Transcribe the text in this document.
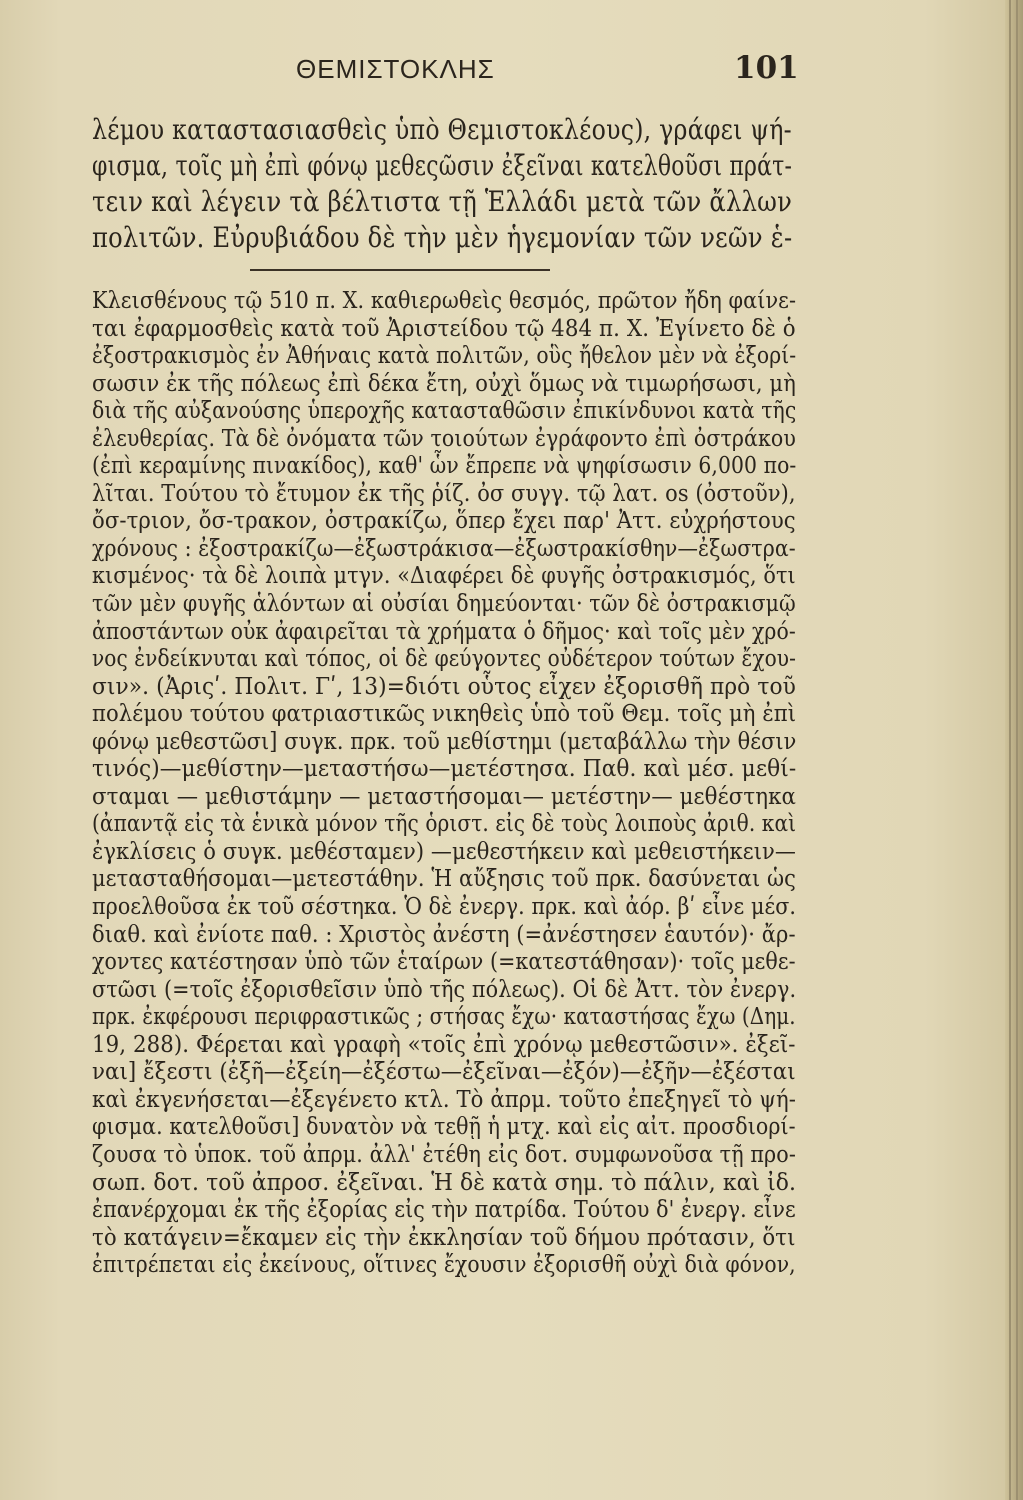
ΘΕΜΙΣΤΟΚΛΗΣ	101
λέμου καταστασιασθεὶς ὑπὸ Θεμιστοκλέους), γράφει ψή-
φισμα, τοῖς μὴ ἐπὶ φόνῳ μεθεςῶσιν ἐξεῖναι κατελθοῦσι πράτ-
τειν καὶ λέγειν τὰ βέλτιστα τῇ Ἑλλάδι μετὰ τῶν ἄλλων
πολιτῶν. Εὐρυβιάδου δὲ τὴν μὲν ἡγεμονίαν τῶν νεῶν ἑ-
Κλεισθένους τῷ 510 π. Χ. καθιερωθεὶς θεσμός, πρῶτον ἤδη φαίνε-
ται ἐφαρμοσθεὶς κατὰ τοῦ Ἀριστείδου τῷ 484 π. Χ. Ἐγίνετο δὲ ὁ
ἐξοστρακισμὸς ἐν Ἀθήναις κατὰ πολιτῶν, οὓς ἤθελον μὲν νὰ ἐξορί-
σωσιν ἐκ τῆς πόλεως ἐπὶ δέκα ἔτη, οὐχὶ ὅμως νὰ τιμωρήσωσι, μὴ
διὰ τῆς αὐξανούσης ὑπεροχῆς κατασταθῶσιν ἐπικίνδυνοι κατὰ τῆς
ἐλευθερίας. Τὰ δὲ ὀνόματα τῶν τοιούτων ἐγράφοντο ἐπὶ ὀστράκου
(ἐπὶ κεραμίνης πινακίδος), καθ' ὧν ἔπρεπε νὰ ψηφίσωσιν 6,000 πο-
λῖται. Τούτου τὸ ἔτυμον ἐκ τῆς ῥίζ. ὀσ συγγ. τῷ λατ. os (ὀστοῦν),
ὄσ-τριον, ὄσ-τρακον, ὀστρακίζω, ὅπερ ἔχει παρ' Ἀττ. εὐχρήστους
χρόνους : ἐξοστρακίζω—ἐξωστράκισα—ἐξωστρακίσθην—ἐξωστρα-
κισμένος· τὰ δὲ λοιπὰ μτγν. «Διαφέρει δὲ φυγῆς ὀστρακισμός, ὅτι
τῶν μὲν φυγῆς ἁλόντων αἱ οὐσίαι δημεύονται· τῶν δὲ ὀστρακισμῷ
ἀποστάντων οὐκ ἀφαιρεῖται τὰ χρήματα ὁ δῆμος· καὶ τοῖς μὲν χρό-
νος ἐνδείκνυται καὶ τόπος, οἱ δὲ φεύγοντες οὐδέτερον τούτων ἔχου-
σιν». (Ἀριςʹ. Πολιτ. Γʹ, 13)=διότι οὗτος εἶχεν ἐξορισθῆ πρὸ τοῦ
πολέμου τούτου φατριαστικῶς νικηθεὶς ὑπὸ τοῦ Θεμ. τοῖς μὴ ἐπὶ
φόνῳ μεθεστῶσι] συγκ. πρκ. τοῦ μεθίστημι (μεταβάλλω τὴν θέσιν
τινός)—μεθίστην—μεταστήσω—μετέστησα. Παθ. καὶ μέσ. μεθί-
σταμαι — μεθιστάμην — μεταστήσομαι— μετέστην— μεθέστηκα
(ἀπαντᾷ εἰς τὰ ἑνικὰ μόνον τῆς ὁριστ. εἰς δὲ τοὺς λοιποὺς ἀριθ. καὶ
ἐγκλίσεις ὁ συγκ. μεθέσταμεν) —μεθεστήκειν καὶ μεθειστήκειν—
μετασταθήσομαι—μετεστάθην. Ἡ αὔξησις τοῦ πρκ. δασύνεται ὡς
προελθοῦσα ἐκ τοῦ σέστηκα. Ὁ δὲ ἐνεργ. πρκ. καὶ ἀόρ. βʹ εἶνε μέσ.
διαθ. καὶ ἐνίοτε παθ. : Χριστὸς ἀνέστη (=ἀνέστησεν ἑαυτόν)· ἄρ-
χοντες κατέστησαν ὑπὸ τῶν ἑταίρων (=κατεστάθησαν)· τοῖς μεθε-
στῶσι (=τοῖς ἐξορισθεῖσιν ὑπὸ τῆς πόλεως). Οἱ δὲ Ἀττ. τὸν ἐνεργ.
πρκ. ἐκφέρουσι περιφραστικῶς ; στήσας ἔχω· καταστήσας ἔχω (Δημ.
19, 288). Φέρεται καὶ γραφὴ «τοῖς ἐπὶ χρόνῳ μεθεστῶσιν». ἐξεῖ-
ναι] ἔξεστι (ἐξῆ—ἐξείη—ἐξέστω—ἐξεῖναι—ἐξόν)—ἐξῆν—ἐξέσται
καὶ ἐκγενήσεται—ἐξεγένετο κτλ. Τὸ ἀπρμ. τοῦτο ἐπεξηγεῖ τὸ ψή-
φισμα. κατελθοῦσι] δυνατὸν νὰ τεθῇ ἡ μτχ. καὶ εἰς αἰτ. προσδιορί-
ζουσα τὸ ὑποκ. τοῦ ἀπρμ. ἀλλ' ἐτέθη εἰς δοτ. συμφωνοῦσα τῇ προ-
σωπ. δοτ. τοῦ ἀπροσ. ἐξεῖναι. Ἡ δὲ κατὰ σημ. τὸ πάλιν, καὶ ἰδ.
ἐπανέρχομαι ἐκ τῆς ἐξορίας εἰς τὴν πατρίδα. Τούτου δ' ἐνεργ. εἶνε
τὸ κατάγειν=ἔκαμεν εἰς τὴν ἐκκλησίαν τοῦ δήμου πρότασιν, ὅτι
ἐπιτρέπεται εἰς ἐκείνους, οἵτινες ἔχουσιν ἐξορισθῆ οὐχὶ διὰ φόνον,
